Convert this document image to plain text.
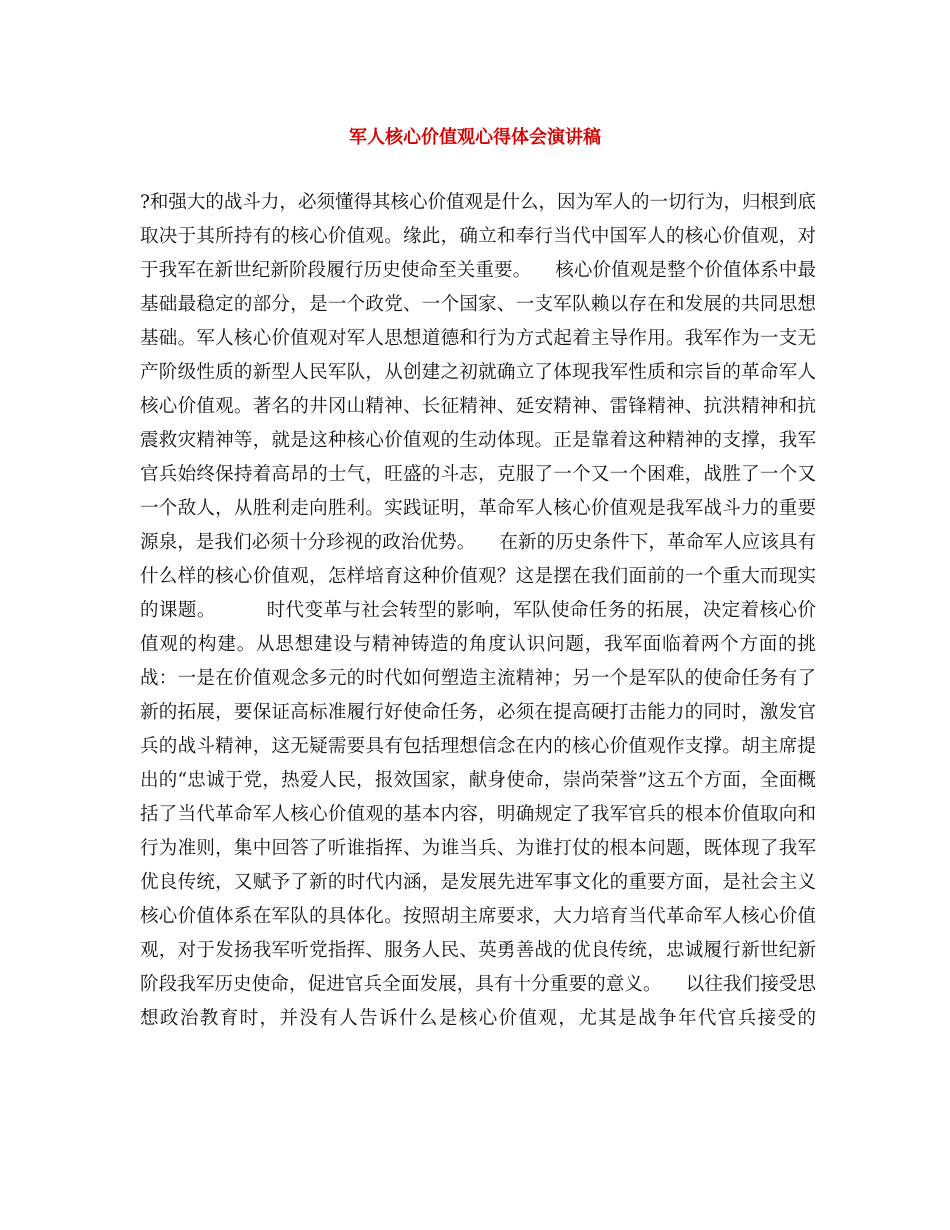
军人核心价值观心得体会演讲稿

?和强大的战斗力，必须懂得其核心价值观是什么，因为军人的一切行为，归根到底取决于其所持有的核心价值观。缘此，确立和奉行当代中国军人的核心价值观，对于我军在新世纪新阶段履行历史使命至关重要。    核心价值观是整个价值体系中最基础最稳定的部分，是一个政党、一个国家、一支军队赖以存在和发展的共同思想基础。军人核心价值观对军人思想道德和行为方式起着主导作用。我军作为一支无产阶级性质的新型人民军队，从创建之初就确立了体现我军性质和宗旨的革命军人核心价值观。著名的井冈山精神、长征精神、延安精神、雷锋精神、抗洪精神和抗震救灾精神等，就是这种核心价值观的生动体现。正是靠着这种精神的支撑，我军官兵始终保持着高昂的士气，旺盛的斗志，克服了一个又一个困难，战胜了一个又一个敌人，从胜利走向胜利。实践证明，革命军人核心价值观是我军战斗力的重要源泉，是我们必须十分珍视的政治优势。    在新的历史条件下，革命军人应该具有什么样的核心价值观，怎样培育这种价值观？这是摆在我们面前的一个重大而现实的课题。        时代变革与社会转型的影响，军队使命任务的拓展，决定着核心价值观的构建。从思想建设与精神铸造的角度认识问题，我军面临着两个方面的挑战：一是在价值观念多元的时代如何塑造主流精神；另一个是军队的使命任务有了新的拓展，要保证高标准履行好使命任务，必须在提高硬打击能力的同时，激发官兵的战斗精神，这无疑需要具有包括理想信念在内的核心价值观作支撑。胡主席提出的“忠诚于党，热爱人民，报效国家，献身使命，崇尚荣誉”这五个方面，全面概括了当代革命军人核心价值观的基本内容，明确规定了我军官兵的根本价值取向和行为准则，集中回答了听谁指挥、为谁当兵、为谁打仗的根本问题，既体现了我军优良传统，又赋予了新的时代内涵，是发展先进军事文化的重要方面，是社会主义核心价值体系在军队的具体化。按照胡主席要求，大力培育当代革命军人核心价值观，对于发扬我军听党指挥、服务人民、英勇善战的优良传统，忠诚履行新世纪新阶段我军历史使命，促进官兵全面发展，具有十分重要的意义。    以往我们接受思想政治教育时，并没有人告诉什么是核心价值观，尤其是战争年代官兵接受的
